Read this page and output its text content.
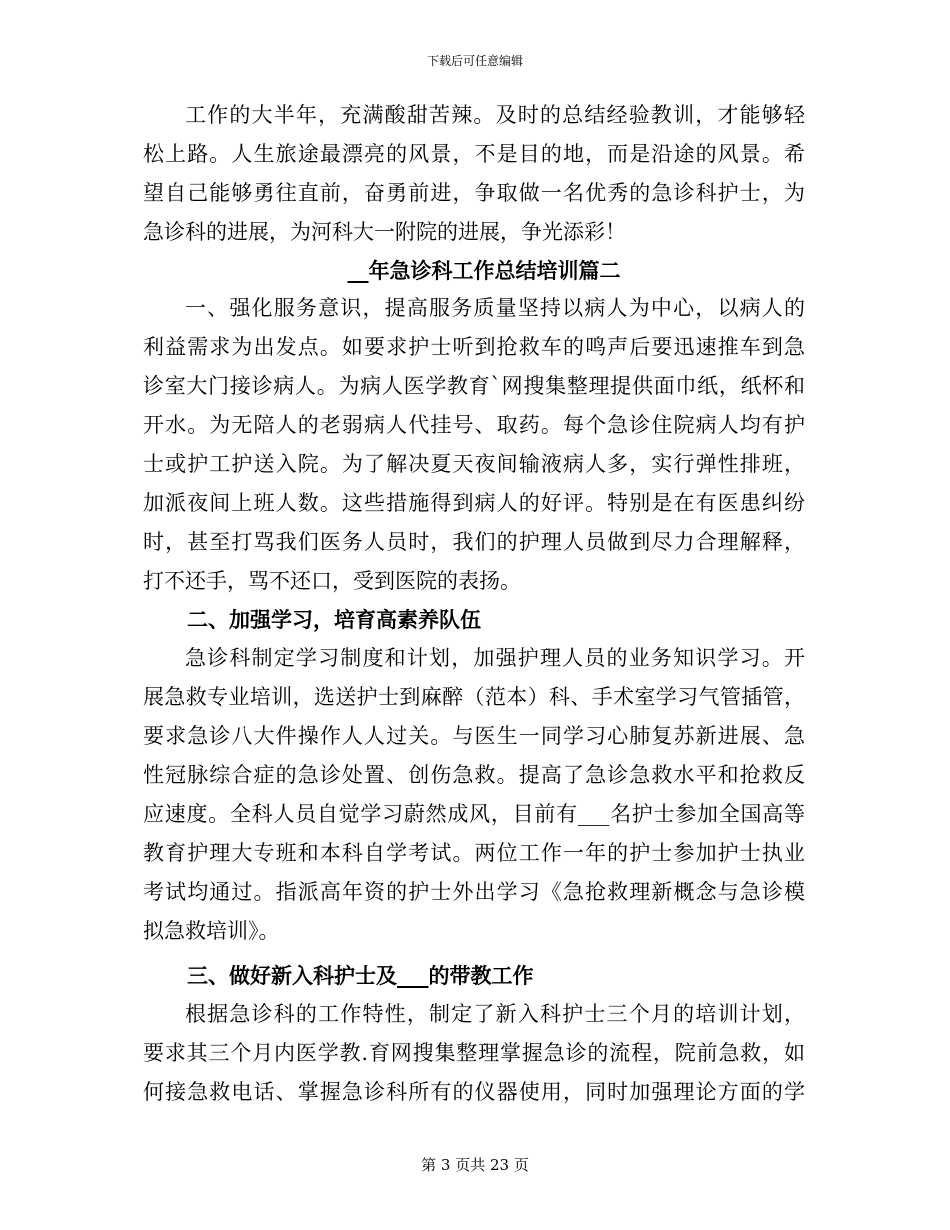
下载后可任意编辑
工作的大半年，充满酸甜苦辣。及时的总结经验教训，才能够轻
松上路。人生旅途最漂亮的风景，不是目的地，而是沿途的风景。希
望自己能够勇往直前，奋勇前进，争取做一名优秀的急诊科护士，为
急诊科的进展，为河科大一附院的进展，争光添彩！
__年急诊科工作总结培训篇二
一、强化服务意识，提高服务质量坚持以病人为中心，以病人的
利益需求为出发点。如要求护士听到抢救车的鸣声后要迅速推车到急
诊室大门接诊病人。为病人医学教育`网搜集整理提供面巾纸，纸杯和
开水。为无陪人的老弱病人代挂号、取药。每个急诊住院病人均有护
士或护工护送入院。为了解决夏天夜间输液病人多，实行弹性排班，
加派夜间上班人数。这些措施得到病人的好评。特别是在有医患纠纷
时，甚至打骂我们医务人员时，我们的护理人员做到尽力合理解释，
打不还手，骂不还口，受到医院的表扬。
二、加强学习，培育高素养队伍
急诊科制定学习制度和计划，加强护理人员的业务知识学习。开
展急救专业培训，选送护士到麻醉（范本）科、手术室学习气管插管，
要求急诊八大件操作人人过关。与医生一同学习心肺复苏新进展、急
性冠脉综合症的急诊处置、创伤急救。提高了急诊急救水平和抢救反
应速度。全科人员自觉学习蔚然成风，目前有___名护士参加全国高等
教育护理大专班和本科自学考试。两位工作一年的护士参加护士执业
考试均通过。指派高年资的护士外出学习《急抢救理新概念与急诊模
拟急救培训》。
三、做好新入科护士及___的带教工作
根据急诊科的工作特性，制定了新入科护士三个月的培训计划，
要求其三个月内医学教.育网搜集整理掌握急诊的流程，院前急救，如
何接急救电话、掌握急诊科所有的仪器使用，同时加强理论方面的学
第 3 页共 23 页
